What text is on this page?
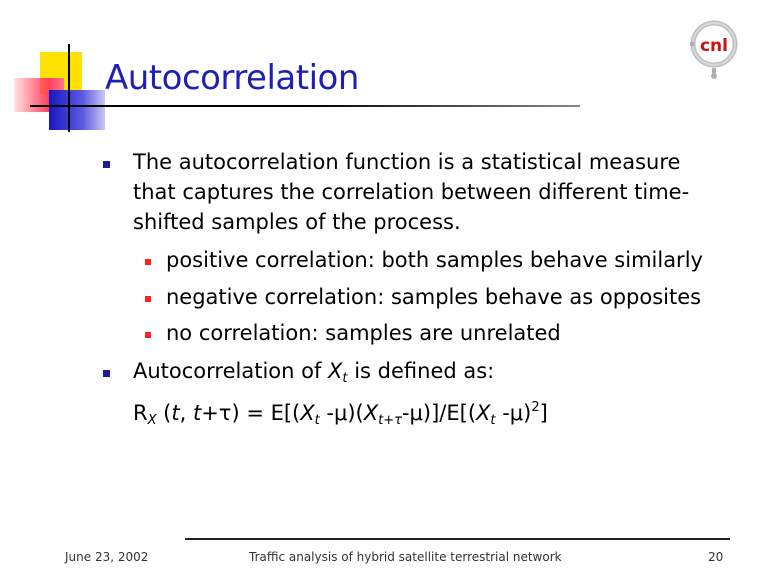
Autocorrelation
cnl
The autocorrelation function is a statistical measure
that captures the correlation between different time-
shifted samples of the process.
positive correlation: both samples behave similarly
negative correlation: samples behave as opposites
no correlation: samples are unrelated
Autocorrelation of $X_t$ is defined as:
$R_X$ (t, $t+\tau) = E[(X_t$ $-\mu)(X_{t+\tau}-\mu)]/E[(X_t$ -μ)$^2$]
June 23, 2002	Traffic analysis of hybrid satellite terrestrial network	20
